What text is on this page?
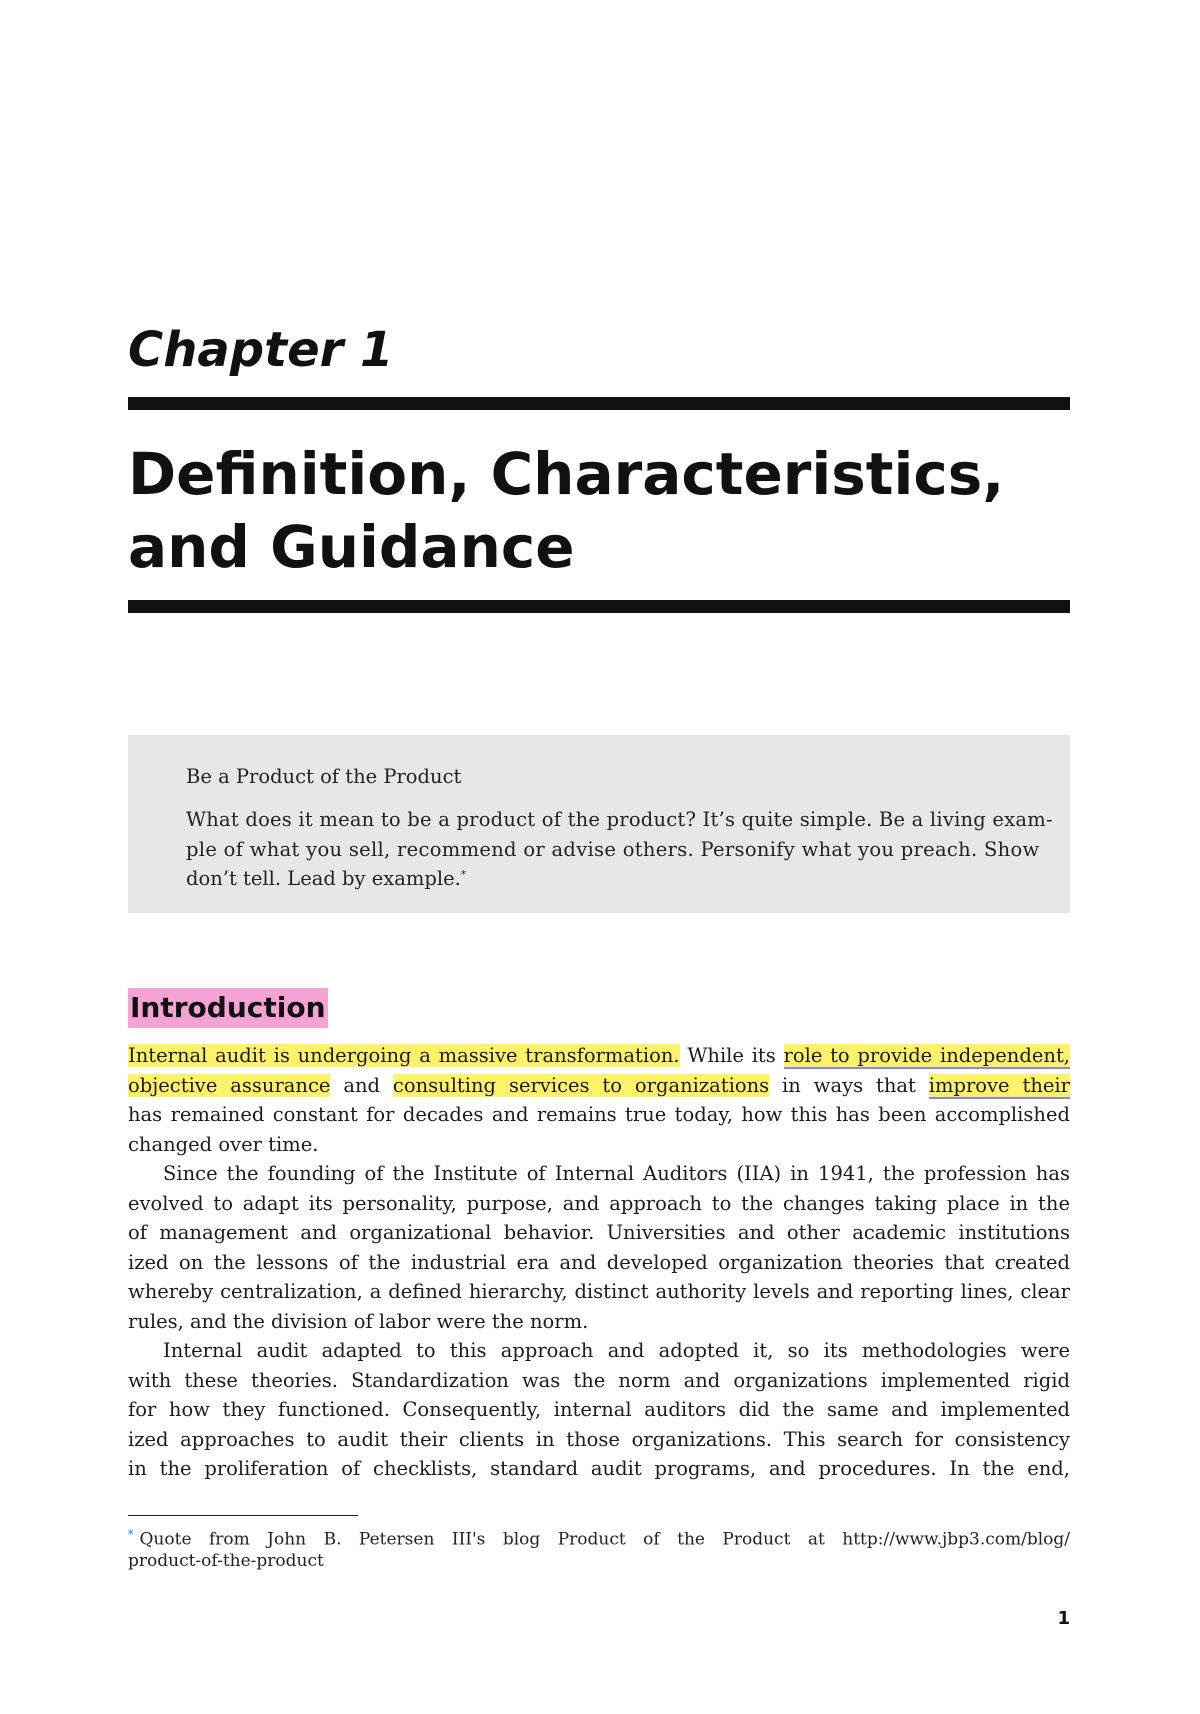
Chapter 1
Definition, Characteristics,
and Guidance
Be a Product of the Product
What does it mean to be a product of the product? It’s quite simple. Be a living exam-
ple of what you sell, recommend or advise others. Personify what you preach. Show
don’t tell. Lead by example.*
Introduction
Internal audit is undergoing a massive transformation. While its role to provide independent,
objective assurance and consulting services to organizations in ways that improve their
has remained constant for decades and remains true today, how this has been accomplished
changed over time.
Since the founding of the Institute of Internal Auditors (IIA) in 1941, the profession has
evolved to adapt its personality, purpose, and approach to the changes taking place in the
of management and organizational behavior. Universities and other academic institutions
ized on the lessons of the industrial era and developed organization theories that created
whereby centralization, a defined hierarchy, distinct authority levels and reporting lines, clear
rules, and the division of labor were the norm.
Internal audit adapted to this approach and adopted it, so its methodologies were
with these theories. Standardization was the norm and organizations implemented rigid
for how they functioned. Consequently, internal auditors did the same and implemented
ized approaches to audit their clients in those organizations. This search for consistency
in the proliferation of checklists, standard audit programs, and procedures. In the end,
* Quote from John B. Petersen III's blog Product of the Product at http://www.jbp3.com/blog/
product-of-the-product
1
